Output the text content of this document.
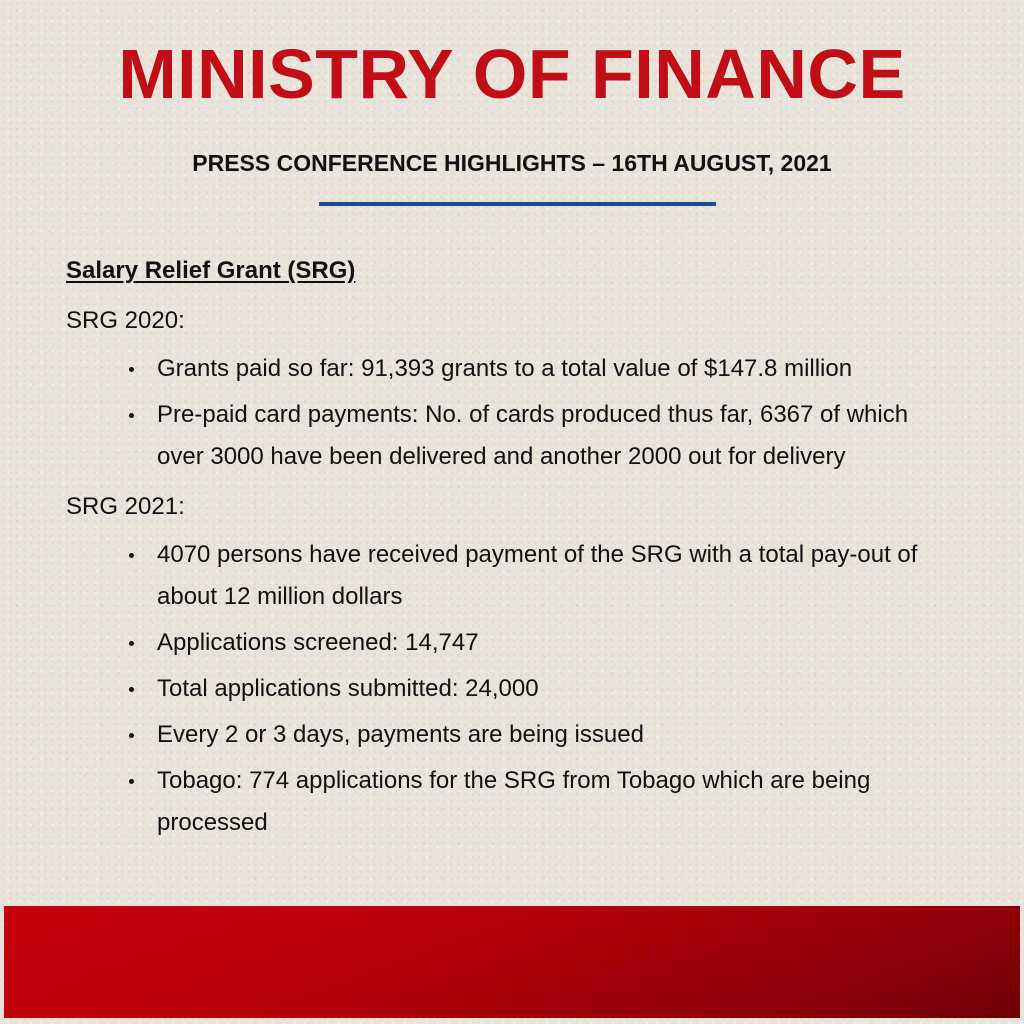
MINISTRY OF FINANCE
PRESS CONFERENCE HIGHLIGHTS – 16TH AUGUST, 2021

Salary Relief Grant (SRG)

SRG 2020:

Grants paid so far: 91,393 grants to a total value of $147.8 million
Pre-paid card payments: No. of cards produced thus far, 6367 of which over 3000 have been delivered and another 2000 out for delivery

SRG 2021:

4070 persons have received payment of the SRG with a total pay-out of about 12 million dollars
Applications screened: 14,747
Total applications submitted: 24,000
Every 2 or 3 days, payments are being issued
Tobago: 774 applications for the SRG from Tobago which are being processed
